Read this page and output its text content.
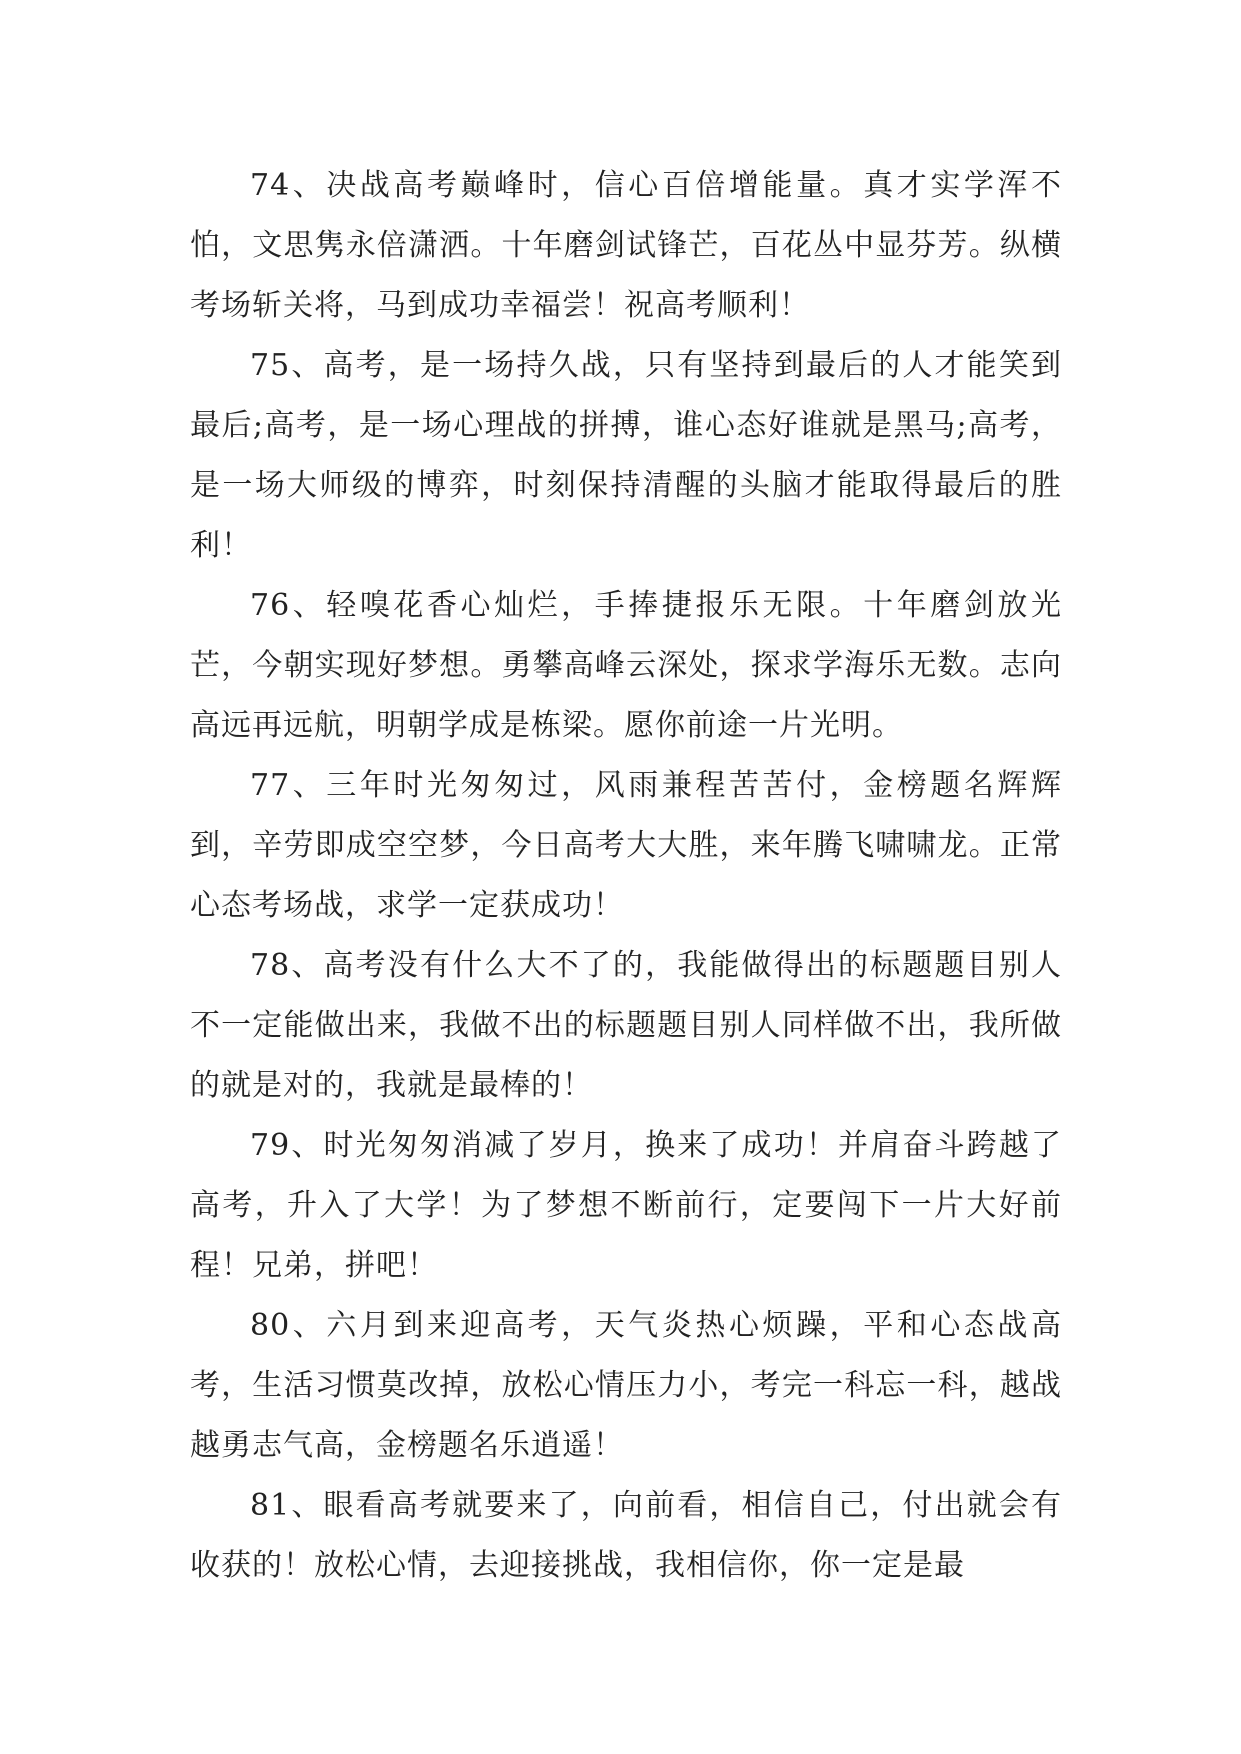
74、决战高考巅峰时，信心百倍增能量。真才实学浑不怕，文思隽永倍潇洒。十年磨剑试锋芒，百花丛中显芬芳。纵横考场斩关将，马到成功幸福尝！祝高考顺利！

75、高考，是一场持久战，只有坚持到最后的人才能笑到最后;高考，是一场心理战的拼搏，谁心态好谁就是黑马;高考，是一场大师级的博弈，时刻保持清醒的头脑才能取得最后的胜利！

76、轻嗅花香心灿烂，手捧捷报乐无限。十年磨剑放光芒，今朝实现好梦想。勇攀高峰云深处，探求学海乐无数。志向高远再远航，明朝学成是栋梁。愿你前途一片光明。

77、三年时光匆匆过，风雨兼程苦苦付，金榜题名辉辉到，辛劳即成空空梦，今日高考大大胜，来年腾飞啸啸龙。正常心态考场战，求学一定获成功！

78、高考没有什么大不了的，我能做得出的标题题目别人不一定能做出来，我做不出的标题题目别人同样做不出，我所做的就是对的，我就是最棒的！

79、时光匆匆消减了岁月，换来了成功！并肩奋斗跨越了高考，升入了大学！为了梦想不断前行，定要闯下一片大好前程！兄弟，拼吧！

80、六月到来迎高考，天气炎热心烦躁，平和心态战高考，生活习惯莫改掉，放松心情压力小，考完一科忘一科，越战越勇志气高，金榜题名乐逍遥！

81、眼看高考就要来了，向前看，相信自己，付出就会有收获的！放松心情，去迎接挑战，我相信你，你一定是最
